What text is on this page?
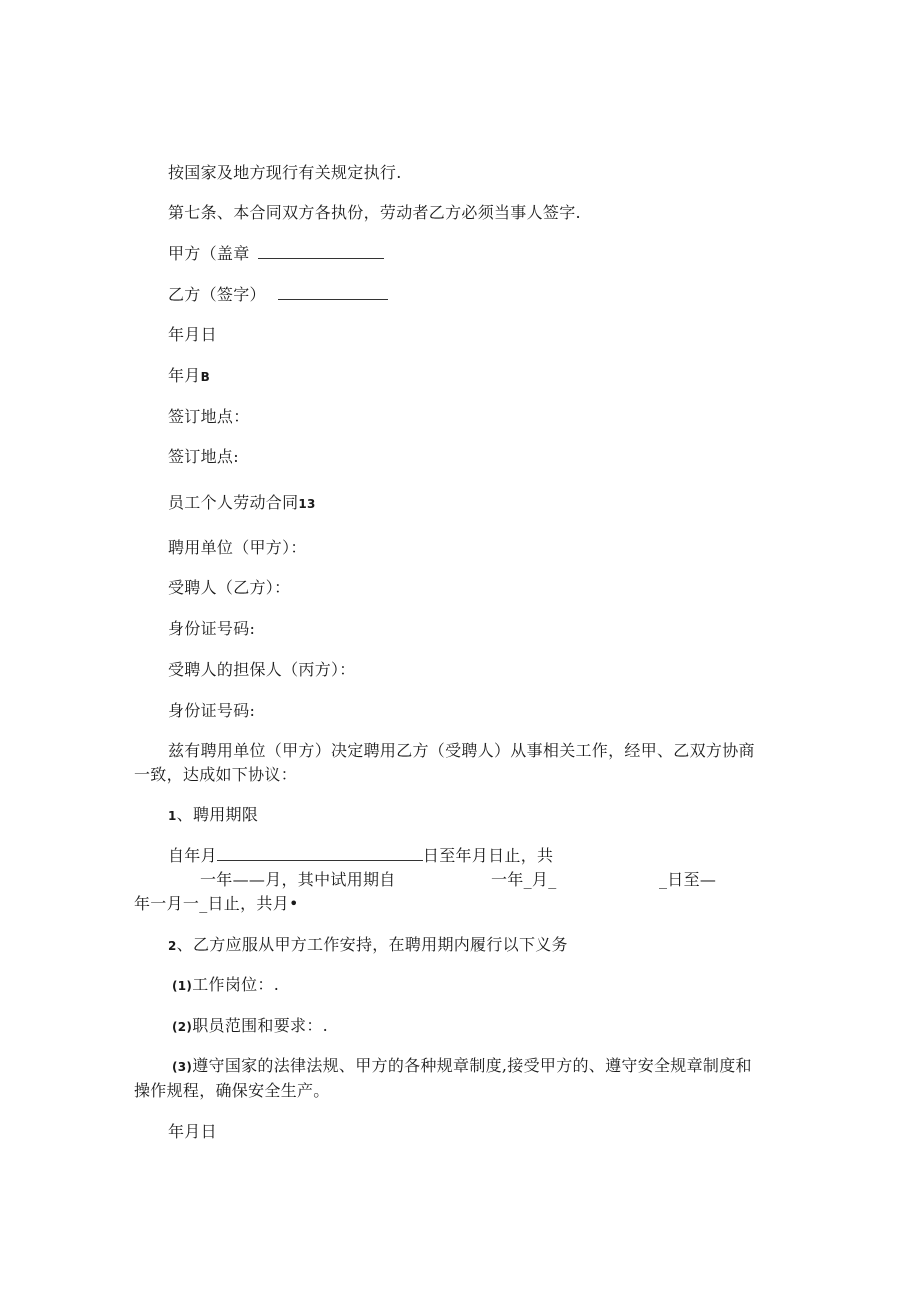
按国家及地方现行有关规定执行.
第七条、本合同双方各执份，劳动者乙方必须当事人签字.
甲方（盖章
乙方（签字）
年月日
年月B
签订地点：
签订地点:
员工个人劳动合同13
聘用单位（甲方）：
受聘人（乙方）：
身份证号码:
受聘人的担保人（丙方）：
身份证号码:
兹有聘用单位（甲方）决定聘用乙方（受聘人）从事相关工作，经甲、乙双方协商
一致，达成如下协议：
1、聘用期限
自年月	日至年月日止，共
一年——月，其中试用期自	一年_月_	_日至—
年一月一_日止，共月•
2、乙方应服从甲方工作安持，在聘用期内履行以下义务
(1)工作岗位：.
(2)职员范围和要求：.
(3)遵守国家的法律法规、甲方的各种规章制度,接受甲方的、遵守安全规章制度和
操作规程，确保安全生产。
年月日
